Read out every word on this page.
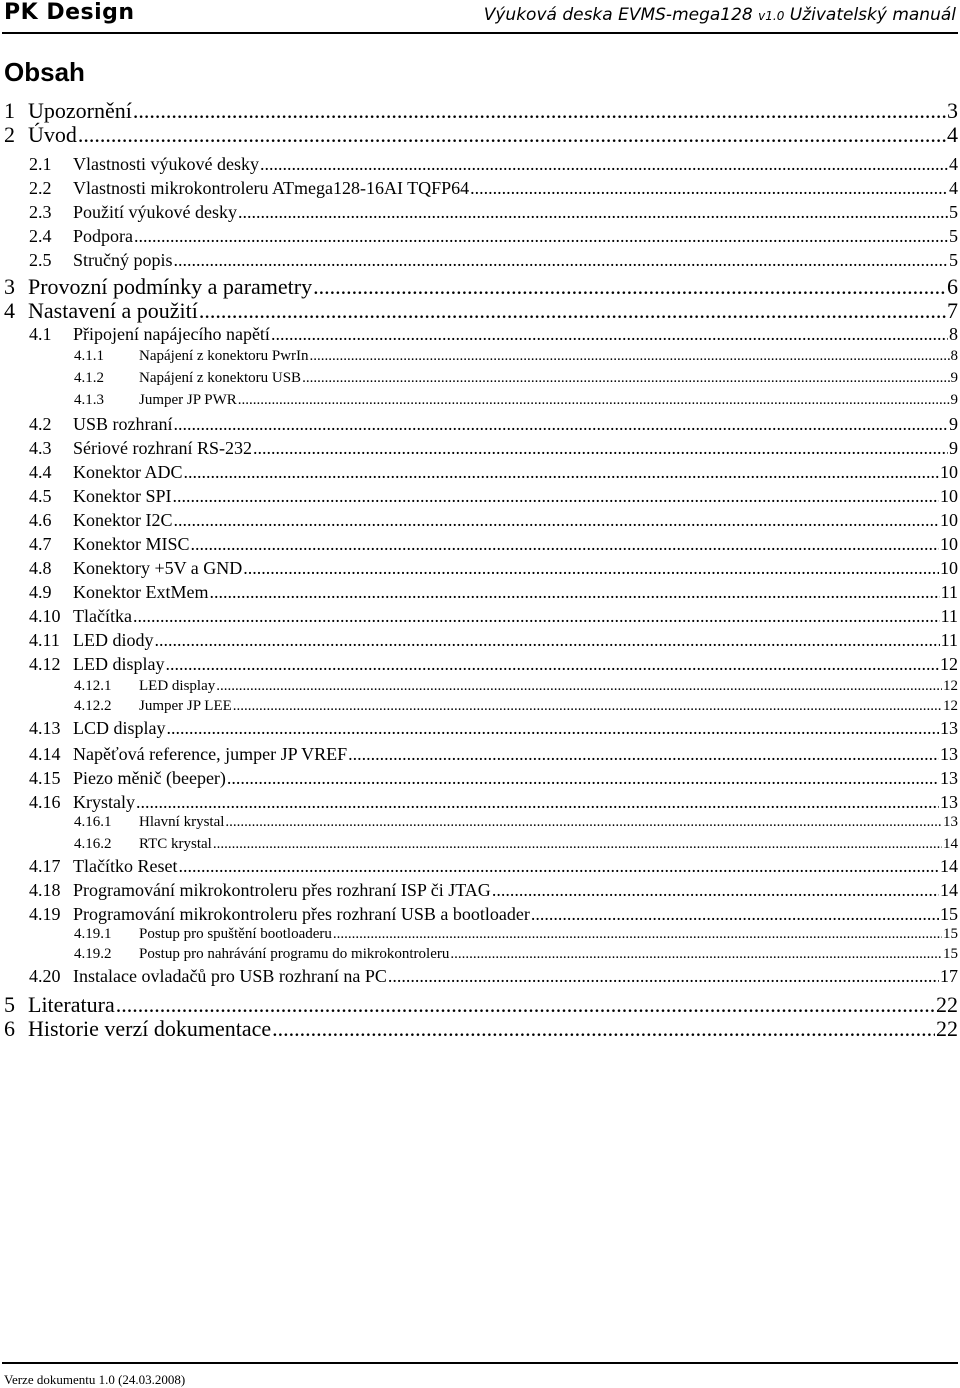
PK Design	Výuková deska EVMS-mega128 v1.0 Uživatelský manuál
Obsah
1 Upozornění .....	3
2 Úvod .....	4
2.1	Vlastnosti výukové desky .....	4
2.2	Vlastnosti mikrokontroleru ATmega128-16AI TQFP64 .....	4
2.3	Použití výukové desky .....	5
2.4	Podpora .....	5
2.5	Stručný popis .....	5
3 Provozní podmínky a parametry .....	6
4 Nastavení a použití .....	7
4.1	Připojení napájecího napětí .....	8
4.1.1	Napájení z konektoru PwrIn .....	8
4.1.2	Napájení z konektoru USB .....	9
4.1.3	Jumper JP PWR .....	9
4.2	USB rozhraní .....	9
4.3	Sériové rozhraní RS-232 .....	9
4.4	Konektor ADC .....	10
4.5	Konektor SPI .....	10
4.6	Konektor I2C .....	10
4.7	Konektor MISC .....	10
4.8	Konektory +5V a GND .....	10
4.9	Konektor ExtMem .....	11
4.10 Tlačítka .....	11
4.11 LED diody .....	11
4.12 LED display .....	12
4.12.1	LED display .....	12
4.12.2	Jumper JP LEE .....	12
4.13 LCD display .....	13
4.14 Napěťová reference, jumper JP VREF .....	13
4.15 Piezo měnič (beeper) .....	13
4.16 Krystaly .....	13
4.16.1	Hlavní krystal .....	13
4.16.2	RTC krystal .....	14
4.17 Tlačítko Reset .....	14
4.18 Programování mikrokontroleru přes rozhraní ISP či JTAG .....	14
4.19 Programování mikrokontroleru přes rozhraní USB a bootloader .....	15
4.19.1	Postup pro spuštění bootloaderu .....	15
4.19.2	Postup pro nahrávání programu do mikrokontroleru .....	15
4.20 Instalace ovladačů pro USB rozhraní na PC .....	17
5 Literatura .....	22
6 Historie verzí dokumentace .....	22
Verze dokumentu 1.0 (24.03.2008)
